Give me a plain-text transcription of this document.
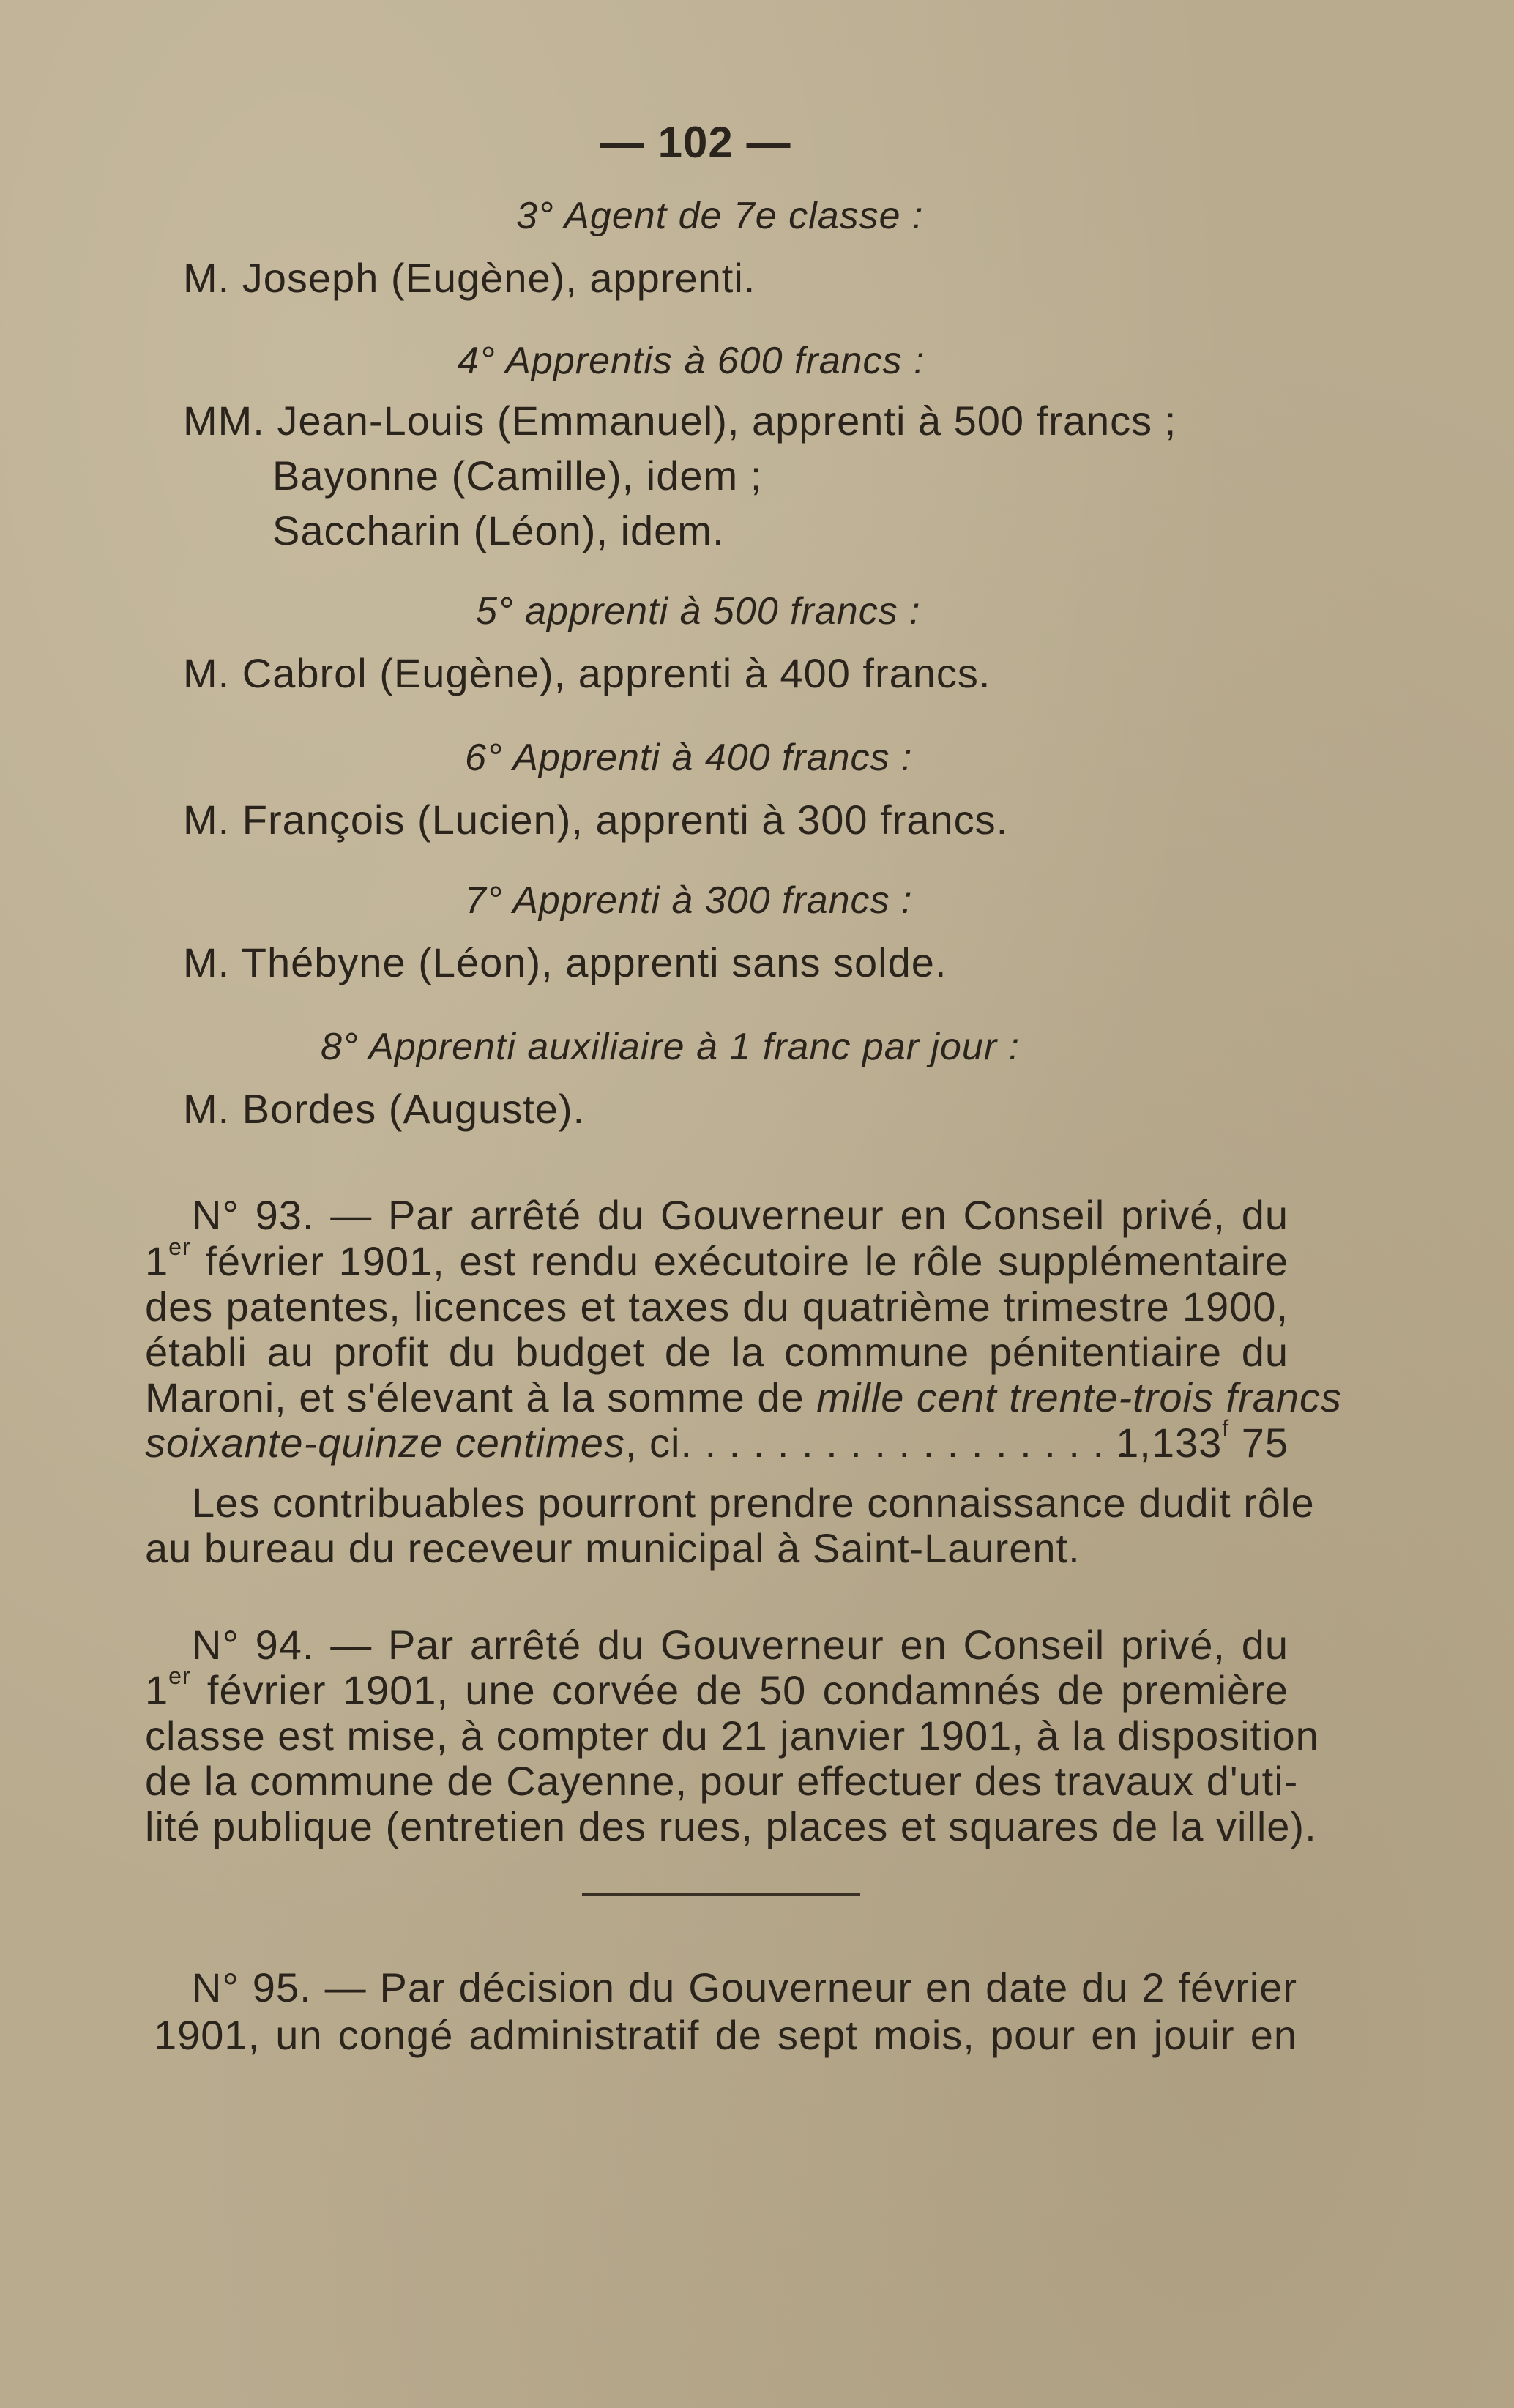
— 102 —
3° Agent de 7e classe :
M. Joseph (Eugène), apprenti.
4° Apprentis à 600 francs :
MM. Jean-Louis (Emmanuel), apprenti à 500 francs ;
Bayonne (Camille), idem ;
Saccharin (Léon), idem.
5° apprenti à 500 francs :
M. Cabrol (Eugène), apprenti à 400 francs.
6° Apprenti à 400 francs :
M. François (Lucien), apprenti à 300 francs.
7° Apprenti à 300 francs :
M. Thébyne (Léon), apprenti sans solde.
8° Apprenti auxiliaire à 1 franc par jour :
M. Bordes (Auguste).
N° 93. — Par arrêté du Gouverneur en Conseil privé, du
1er février 1901, est rendu exécutoire le rôle supplémentaire
des patentes, licences et taxes du quatrième trimestre 1900,
établi au profit du budget de la commune pénitentiaire du
Maroni, et s'élevant à la somme de mille cent trente-trois francs
soixante-quinze centimes, ci. . . . . . . . . . . . . . . . . . .
1,133$^f$ 75
Les contribuables pourront prendre connaissance dudit rôle
au bureau du receveur municipal à Saint-Laurent.
N° 94. — Par arrêté du Gouverneur en Conseil privé, du
1er février 1901, une corvée de 50 condamnés de première
classe est mise, à compter du 21 janvier 1901, à la disposition
de la commune de Cayenne, pour effectuer des travaux d'uti-
lité publique (entretien des rues, places et squares de la ville).
N° 95. — Par décision du Gouverneur en date du 2 février
1901, un congé administratif de sept mois, pour en jouir en
